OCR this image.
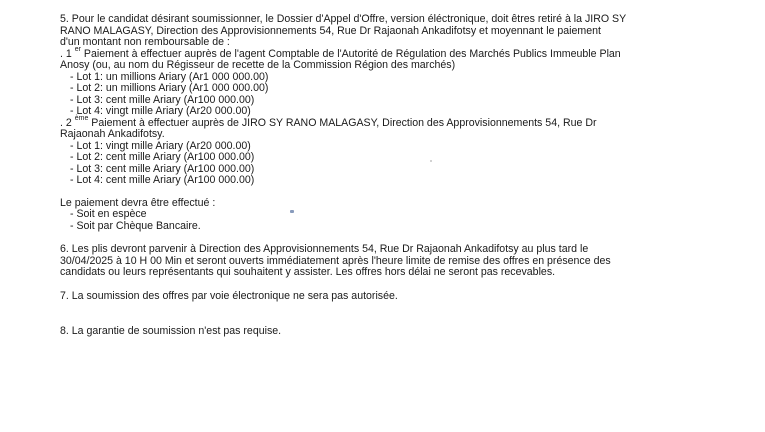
5. Pour le candidat désirant soumissionner, le Dossier d'Appel d'Offre, version éléctronique, doit êtres retiré à la JIRO SY
RANO MALAGASY, Direction des Approvisionnements 54, Rue Dr Rajaonah Ankadifotsy et moyennant le paiement
d'un montant non remboursable de :
. 1 $^{er}$ Paiement à effectuer auprès de l'agent Comptable de l'Autorité de Régulation des Marchés Publics Immeuble Plan
Anosy (ou, au nom du Régisseur de recette de la Commission Région des marchés)
- Lot 1: un millions Ariary (Ar1 000 000.00)
- Lot 2: un millions Ariary (Ar1 000 000.00)
- Lot 3: cent mille Ariary (Ar100 000.00)
- Lot 4: vingt mille Ariary (Ar20 000.00)
. 2 $^{ème}$ Paiement à effectuer auprès de JIRO SY RANO MALAGASY, Direction des Approvisionnements 54, Rue Dr
Rajaonah Ankadifotsy.
- Lot 1: vingt mille Ariary (Ar20 000.00)
- Lot 2: cent mille Ariary (Ar100 000.00)
- Lot 3: cent mille Ariary (Ar100 000.00)
- Lot 4: cent mille Ariary (Ar100 000.00)
Le paiement devra être effectué :
- Soit en espèce
- Soit par Chèque Bancaire.
6. Les plis devront parvenir à Direction des Approvisionnements 54, Rue Dr Rajaonah Ankadifotsy au plus tard le
30/04/2025 à 10 H 00 Min et seront ouverts immédiatement après l'heure limite de remise des offres en présence des
candidats ou leurs représentants qui souhaitent y assister. Les offres hors délai ne seront pas recevables.
7. La soumission des offres par voie électronique ne sera pas autorisée.
8. La garantie de soumission n'est pas requise.
